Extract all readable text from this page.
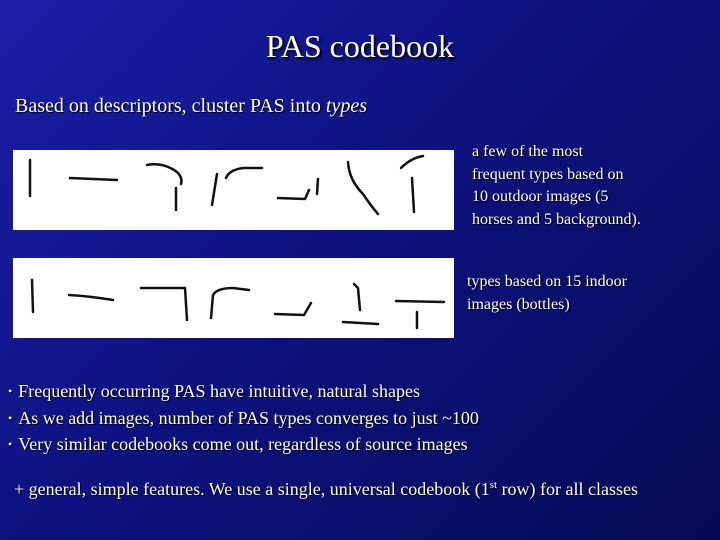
PAS codebook
Based on descriptors, cluster PAS into types
a few of the most
frequent types based on
10 outdoor images (5
horses and 5 background).
types based on 15 indoor
images (bottles)
• Frequently occurring PAS have intuitive, natural shapes
• As we add images, number of PAS types converges to just ~100
• Very similar codebooks come out, regardless of source images
+ general, simple features. We use a single, universal codebook (1st row) for all classes
